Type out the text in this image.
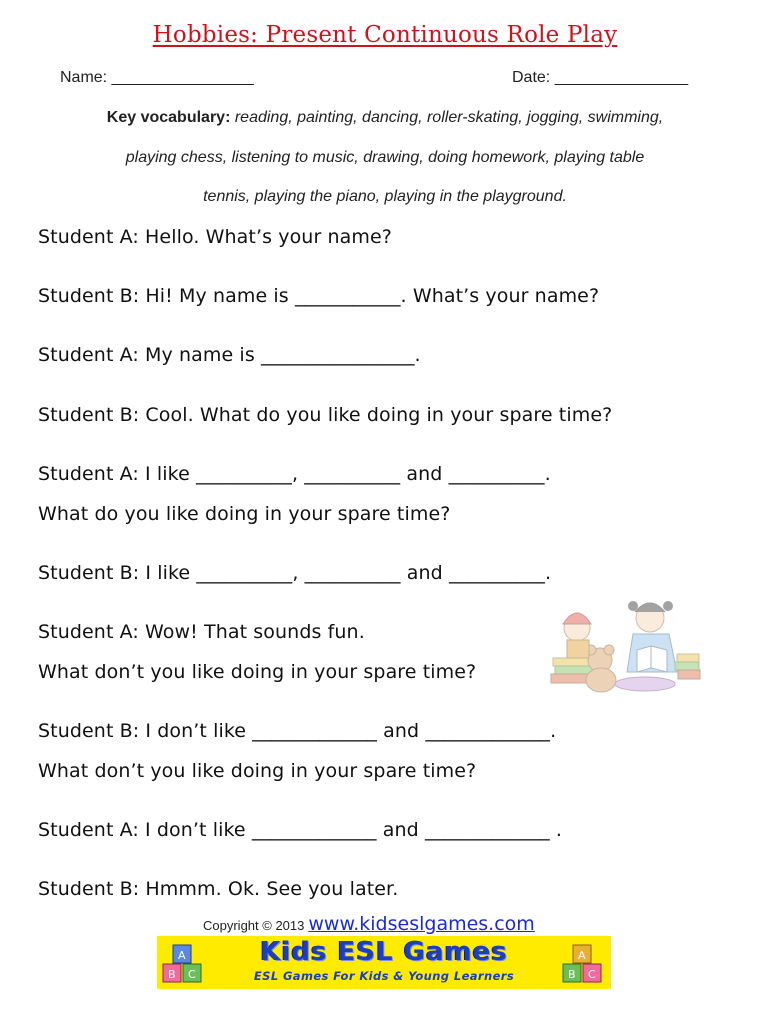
Hobbies: Present Continuous Role Play
Name: ________________	Date: _______________
Key vocabulary: reading, painting, dancing, roller-skating, jogging, swimming,
playing chess, listening to music, drawing, doing homework, playing table
tennis, playing the piano, playing in the playground.
Student A: Hello. What’s your name?
Student B: Hi! My name is ___________. What’s your name?
Student A: My name is ________________.
Student B: Cool. What do you like doing in your spare time?
Student A: I like __________, __________ and __________.
What do you like doing in your spare time?
Student B: I like __________, __________ and __________.
Student A: Wow! That sounds fun.
What don’t you like doing in your spare time?
Student B: I don’t like _____________ and _____________.
What don’t you like doing in your spare time?
Student A: I don’t like _____________ and _____________ .
Student B: Hmmm. Ok. See you later.
Copyright © 2013 www.kidseslgames.com
A
B C
A
B C
Kids ESL Games
ESL Games For Kids & Young Learners
